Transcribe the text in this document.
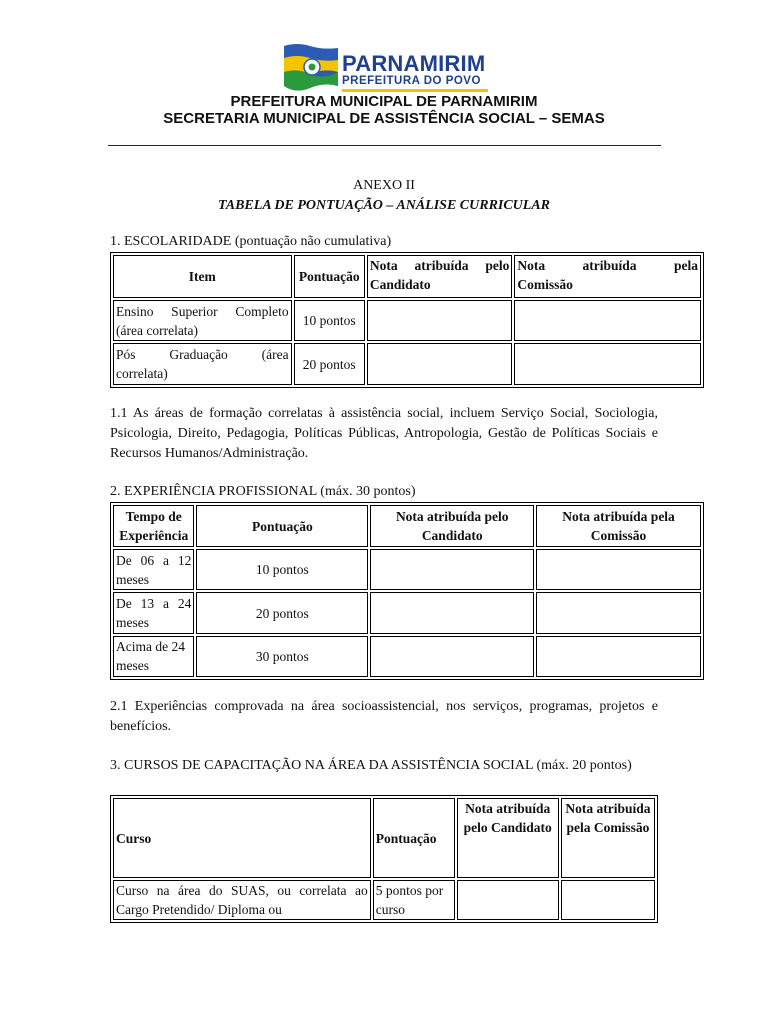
PARNAMIRIM
PREFEITURA DO POVO
PREFEITURA MUNICIPAL DE PARNAMIRIM
SECRETARIA MUNICIPAL DE ASSISTÊNCIA SOCIAL – SEMAS
ANEXO II
TABELA DE PONTUAÇÃO – ANÁLISE CURRICULAR
1. ESCOLARIDADE (pontuação não cumulativa)
Item	Pontuação	Nota atribuída pelo Candidato	Nota atribuída pela
Comissão

Ensino Superior Completo (área correlata)	10 pontos		

Pós Graduação (área
correlata)	20 pontos		
1.1 As áreas de formação correlatas à assistência social, incluem Serviço Social, Sociologia, Psicologia, Direito, Pedagogia, Políticas Públicas, Antropologia, Gestão de Políticas Sociais e Recursos Humanos/Administração.
2. EXPERIÊNCIA PROFISSIONAL (máx. 30 pontos)
Tempo de Experiência	Pontuação	Nota atribuída pelo Candidato	Nota atribuída pela Comissão
De 06 a 12 meses	10 pontos		
De 13 a 24 meses	20 pontos		
Acima de 24 meses	30 pontos		
2.1 Experiências comprovada na área socioassistencial, nos serviços, programas, projetos e benefícios.
3. CURSOS DE CAPACITAÇÃO NA ÁREA DA ASSISTÊNCIA SOCIAL (máx. 20 pontos)
Curso	Pontuação	Nota atribuída pelo Candidato	Nota atribuída pela Comissão
Curso na área do SUAS, ou correlata ao Cargo Pretendido/ Diploma ou	5 pontos por curso		
